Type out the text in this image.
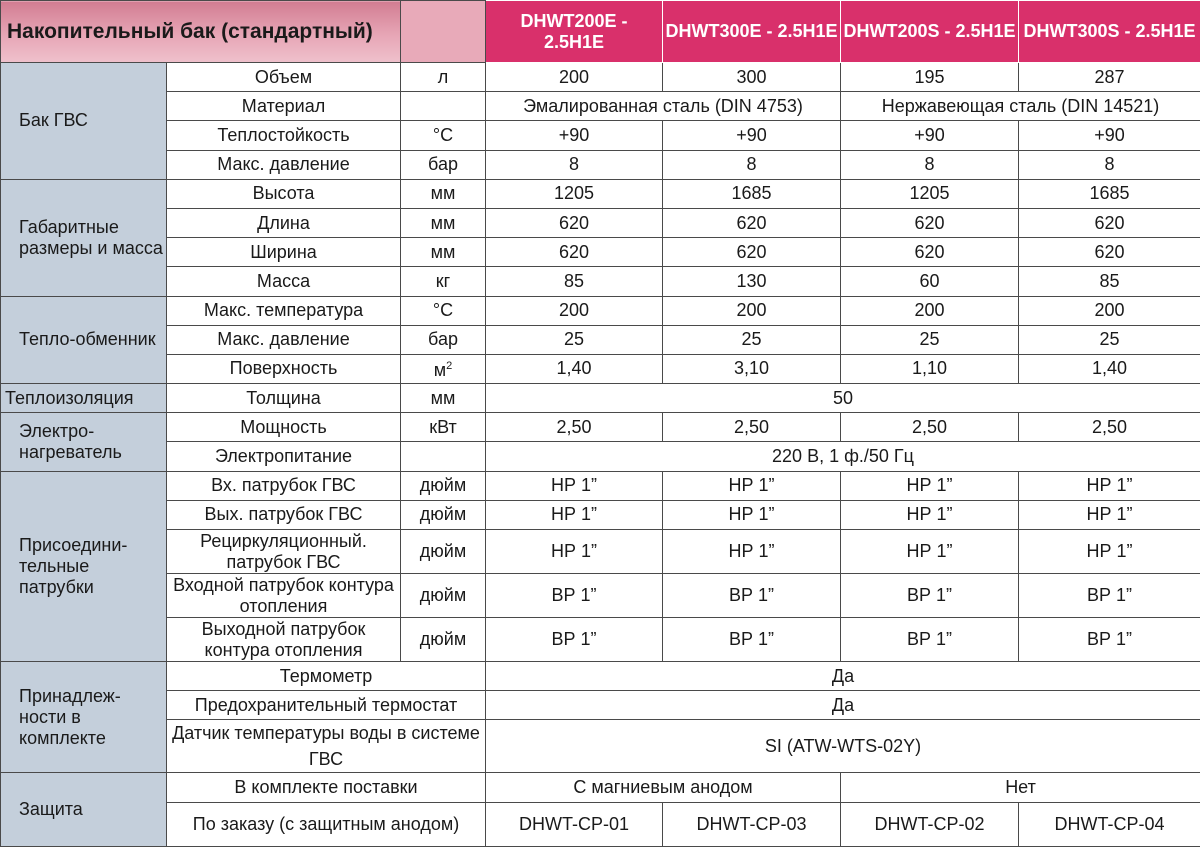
Накопительный бак (стандартный)			DHWT200E - 2.5H1E	DHWT300E - 2.5H1E	DHWT200S - 2.5H1E	DHWT300S - 2.5H1E
Бак ГВС	Объем	л	200	300	195	287
	Материал		Эмалированная сталь (DIN 4753)		Нержавеющая сталь (DIN 14521)	
	Теплостойкость	°C	+90	+90	+90	+90
	Макс. давление	бар	8	8	8	8
Габаритные размеры и масса	Высота	мм	1205	1685	1205	1685
	Длина	мм	620	620	620	620
	Ширина	мм	620	620	620	620
	Масса	кг	85	130	60	85
Тепло-обменник	Макс. температура	°C	200	200	200	200
	Макс. давление	бар	25	25	25	25
	Поверхность	$м^2$	1,40	3,10	1,10	1,40
Теплоизоляция	Толщина	мм	50			
Электро-нагреватель	Мощность	кВт	2,50	2,50	2,50	2,50
	Электропитание		220 В, 1 ф./50 Гц			
Присоедини-тельные патрубки	Вх. патрубок ГВС	дюйм	НР 1”	НР 1”	НР 1”	НР 1”
	Вых. патрубок ГВС	дюйм	НР 1”	НР 1”	НР 1”	НР 1”
	Рециркуляционный. патрубок ГВС	дюйм	НР 1”	НР 1”	НР 1”	НР 1”
	Входной патрубок контура отопления	дюйм	ВР 1”	ВР 1”	ВР 1”	ВР 1”
	Выходной патрубок контура отопления	дюйм	ВР 1”	ВР 1”	ВР 1”	ВР 1”
Принадлеж-ности в комплекте	Термометр		Да			
	Предохранительный термостат		Да			
	Датчик температуры воды в системе ГВС		SI (ATW-WTS-02Y)			
Защита	В комплекте поставки		С магниевым анодом		Нет	
	По заказу (с защитным анодом)		DHWT-CP-01	DHWT-CP-03	DHWT-CP-02	DHWT-CP-04
